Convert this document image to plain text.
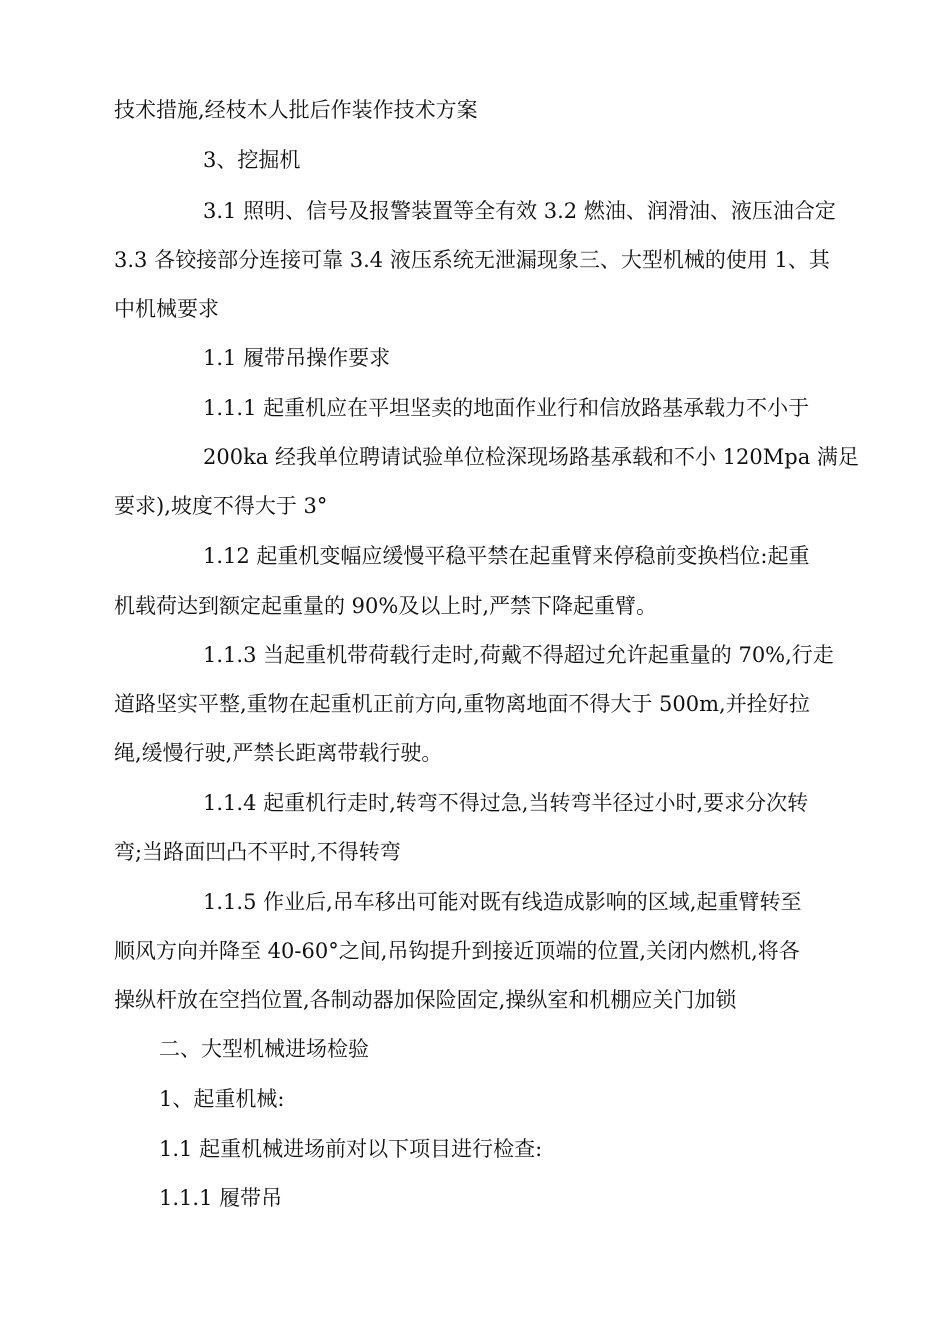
技术措施,经枝木人批后作装作技术方案

3、挖掘机

3.1 照明、信号及报警装置等全有效 3.2 燃油、润滑油、液压油合定

3.3 各铰接部分连接可靠 3.4 液压系统无泄漏现象三、大型机械的使用 1、其

中机械要求

1.1 履带吊操作要求

1.1.1 起重机应在平坦坚卖的地面作业行和信放路基承载力不小于

200ka 经我单位聘请试验单位检深现场路基承载和不小 120Mpa 满足

要求),坡度不得大于 3°

1.12 起重机变幅应缓慢平稳平禁在起重臂来停稳前变换档位:起重

机载荷达到额定起重量的 90%及以上时,严禁下降起重臂。

1.1.3 当起重机带荷载行走时,荷戴不得超过允许起重量的 70%,行走

道路坚实平整,重物在起重机正前方向,重物离地面不得大于 500m,并拴好拉

绳,缓慢行驶,严禁长距离带载行驶。

1.1.4 起重机行走时,转弯不得过急,当转弯半径过小时,要求分次转

弯;当路面凹凸不平时,不得转弯

1.1.5 作业后,吊车移出可能对既有线造成影响的区域,起重臂转至

顺风方向并降至 40-60°之间,吊钩提升到接近顶端的位置,关闭内燃机,将各

操纵杆放在空挡位置,各制动器加保险固定,操纵室和机棚应关门加锁

二、大型机械进场检验

1、起重机械:

1.1 起重机械进场前对以下项目进行检查:

1.1.1 履带吊
